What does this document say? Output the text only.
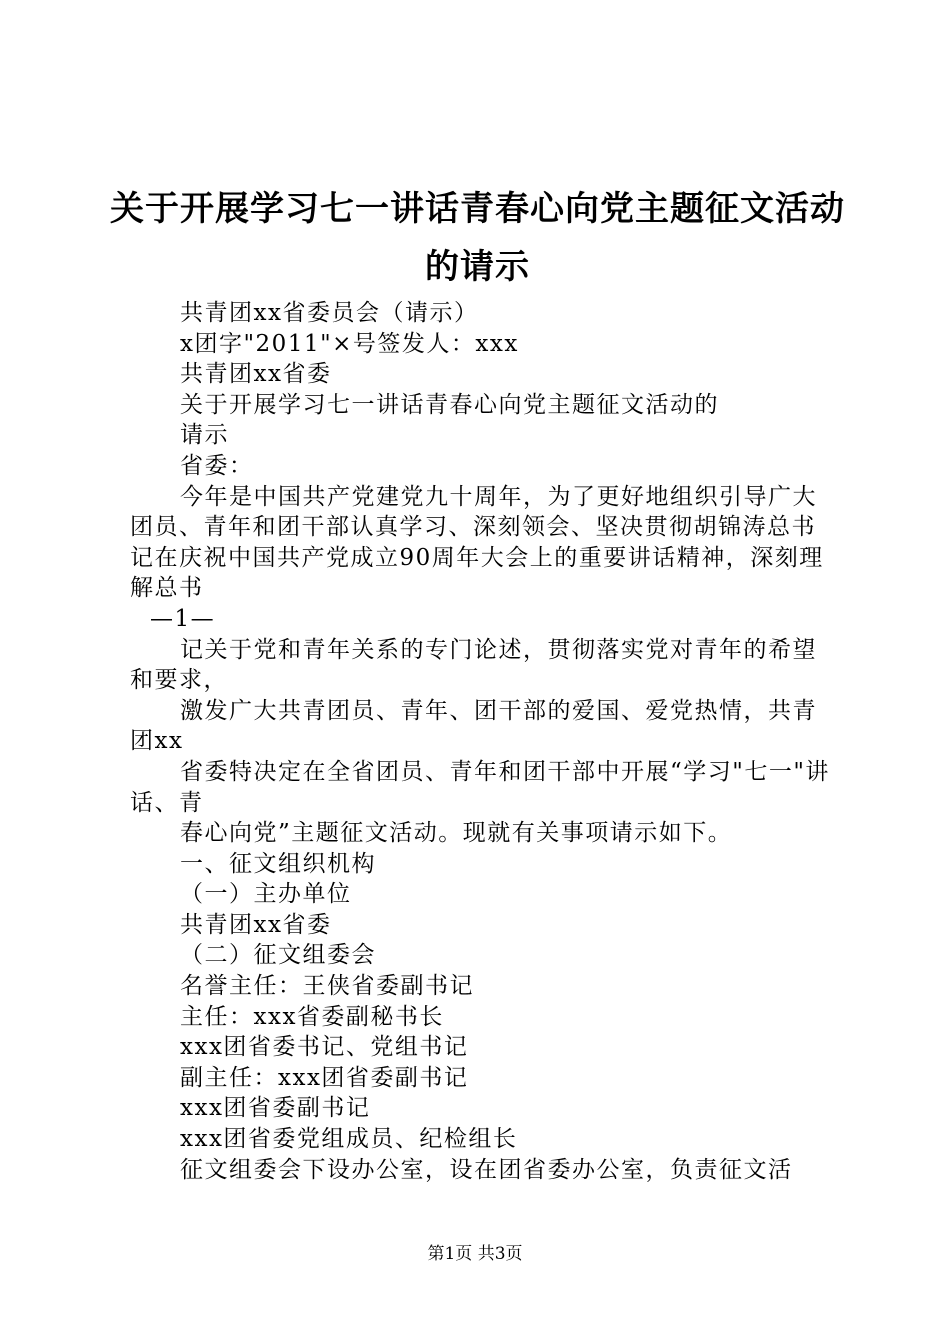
关于开展学习七一讲话青春心向党主题征文活动的请示

共青团xx省委员会（请示）

x团字"2011"×号签发人：xxx

共青团xx省委

关于开展学习七一讲话青春心向党主题征文活动的

请示

省委：

今年是中国共产党建党九十周年，为了更好地组织引导广大团员、青年和团干部认真学习、深刻领会、坚决贯彻胡锦涛总书记在庆祝中国共产党成立90周年大会上的重要讲话精神，深刻理解总书

—1—

记关于党和青年关系的专门论述，贯彻落实党对青年的希望和要求，

激发广大共青团员、青年、团干部的爱国、爱党热情，共青团xx

省委特决定在全省团员、青年和团干部中开展“学习"七一"讲话、青

春心向党”主题征文活动。现就有关事项请示如下。

一、征文组织机构

（一）主办单位

共青团xx省委

（二）征文组委会

名誉主任：王侠省委副书记

主任：xxx省委副秘书长

xxx团省委书记、党组书记

副主任：xxx团省委副书记

xxx团省委副书记

xxx团省委党组成员、纪检组长

征文组委会下设办公室，设在团省委办公室，负责征文活

第1页 共3页
